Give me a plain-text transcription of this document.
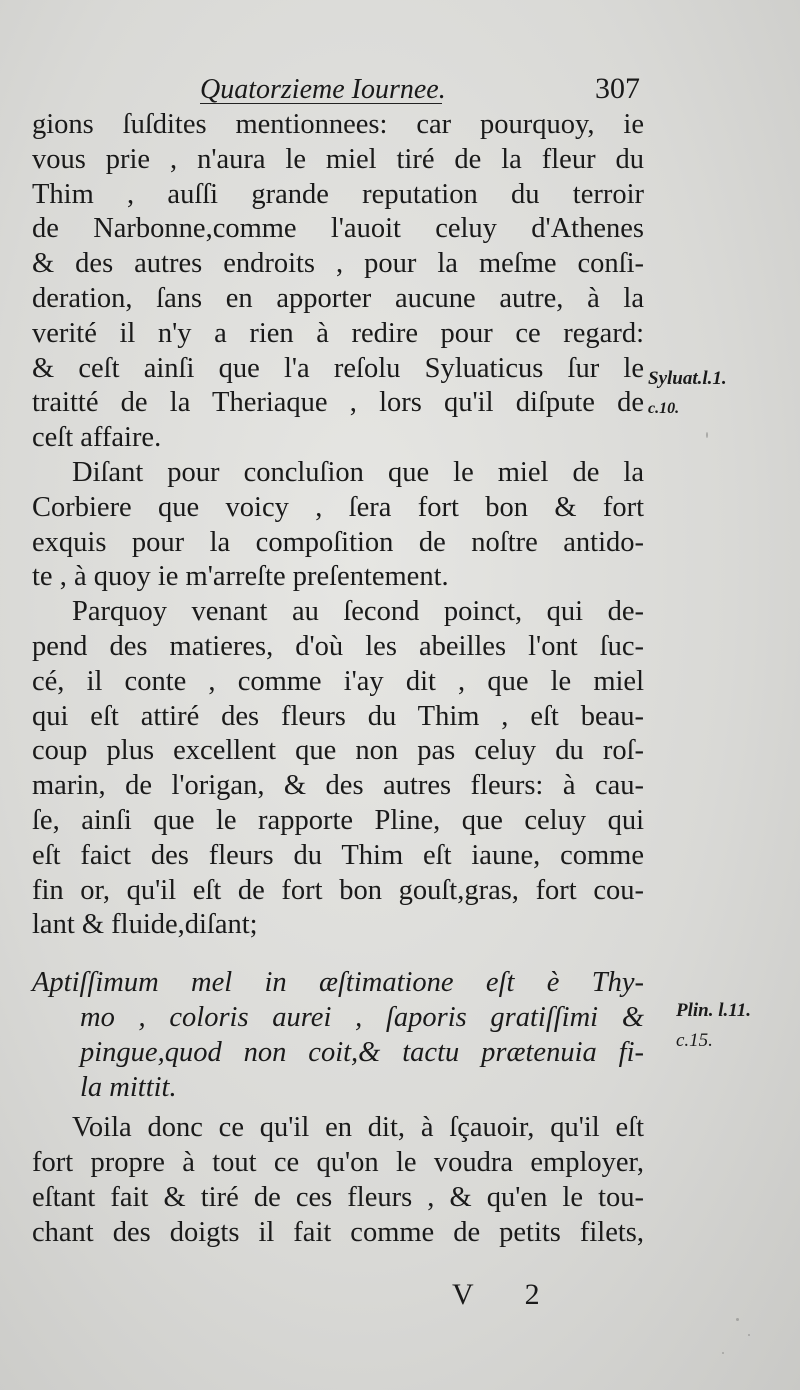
Quatorzieme Iournee.	307
gions ſuſdites mentionnees: car pourquoy, ie
vous prie , n'aura le miel tiré de la fleur du
Thim , auſſi grande reputation du terroir
de Narbonne,comme l'auoit celuy d'Athenes
& des autres endroits , pour la meſme conſi-
deration, ſans en apporter aucune autre, à la
verité il n'y a rien à redire pour ce regard:
& ceſt ainſi que l'a reſolu Syluaticus ſur le
traitté de la Theriaque , lors qu'il diſpute de
ceſt affaire.
Diſant pour concluſion que le miel de la
Corbiere que voicy , ſera fort bon & fort
exquis pour la compoſition de noſtre antido-
te , à quoy ie m'arreſte preſentement.
Parquoy venant au ſecond poinct, qui de-
pend des matieres, d'où les abeilles l'ont ſuc-
cé, il conte , comme i'ay dit , que le miel
qui eſt attiré des fleurs du Thim , eſt beau-
coup plus excellent que non pas celuy du roſ-
marin, de l'origan, & des autres fleurs: à cau-
ſe, ainſi que le rapporte Pline, que celuy qui
eſt faict des fleurs du Thim eſt iaune, comme
fin or, qu'il eſt de fort bon gouſt,gras, fort cou-
lant & fluide,diſant;
Aptiſſimum mel in æſtimatione eſt è Thy-
mo , coloris aurei , ſaporis gratiſſimi &
pingue,quod non coit,& tactu prætenuia fi-
la mittit.
Voila donc ce qu'il en dit, à ſçauoir, qu'il eſt
fort propre à tout ce qu'on le voudra employer,
eſtant fait & tiré de ces fleurs , & qu'en le tou-
chant des doigts il fait comme de petits filets,
Syluat.l.1.
c.10.
Plin. l.11.
c.15.
V 2
